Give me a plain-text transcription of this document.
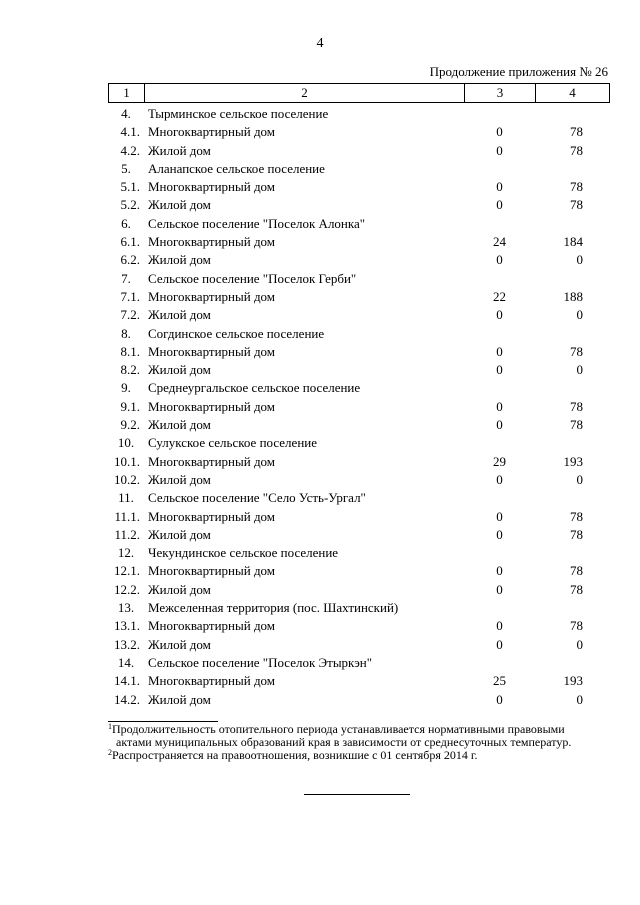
4
Продолжение приложения № 26
1	2	3	4
4.	Тырминское сельское поселение
4.1. Многоквартирный дом	0	78
4.2. Жилой дом	0	78
5.	Аланапское сельское поселение
5.1. Многоквартирный дом	0	78
5.2. Жилой дом	0	78
6.	Сельское поселение "Поселок Алонка"
6.1. Многоквартирный дом	24	184
6.2. Жилой дом	0	0
7.	Сельское поселение "Поселок Герби"
7.1. Многоквартирный дом	22	188
7.2. Жилой дом	0	0
8.	Согдинское сельское поселение
8.1. Многоквартирный дом	0	78
8.2. Жилой дом	0	0
9.	Среднеургальское сельское поселение
9.1. Многоквартирный дом	0	78
9.2. Жилой дом	0	78
10.	Сулукское сельское поселение
10.1. Многоквартирный дом	29	193
10.2. Жилой дом	0	0
11.	Сельское поселение "Село Усть-Ургал"
11.1. Многоквартирный дом	0	78
11.2. Жилой дом	0	78
12.	Чекундинское сельское поселение
12.1. Многоквартирный дом	0	78
12.2. Жилой дом	0	78
13.	Межселенная территория (пос. Шахтинский)
13.1. Многоквартирный дом	0	78
13.2. Жилой дом	0	0
14.	Сельское поселение "Поселок Этыркэн"
14.1. Многоквартирный дом	25	193
14.2. Жилой дом	0	0
$^1$Продолжительность отопительного периода устанавливается нормативными правовыми
актами муниципальных образований края в зависимости от среднесуточных температур.
$^2$Распространяется на правоотношения, возникшие с 01 сентября 2014 г.
